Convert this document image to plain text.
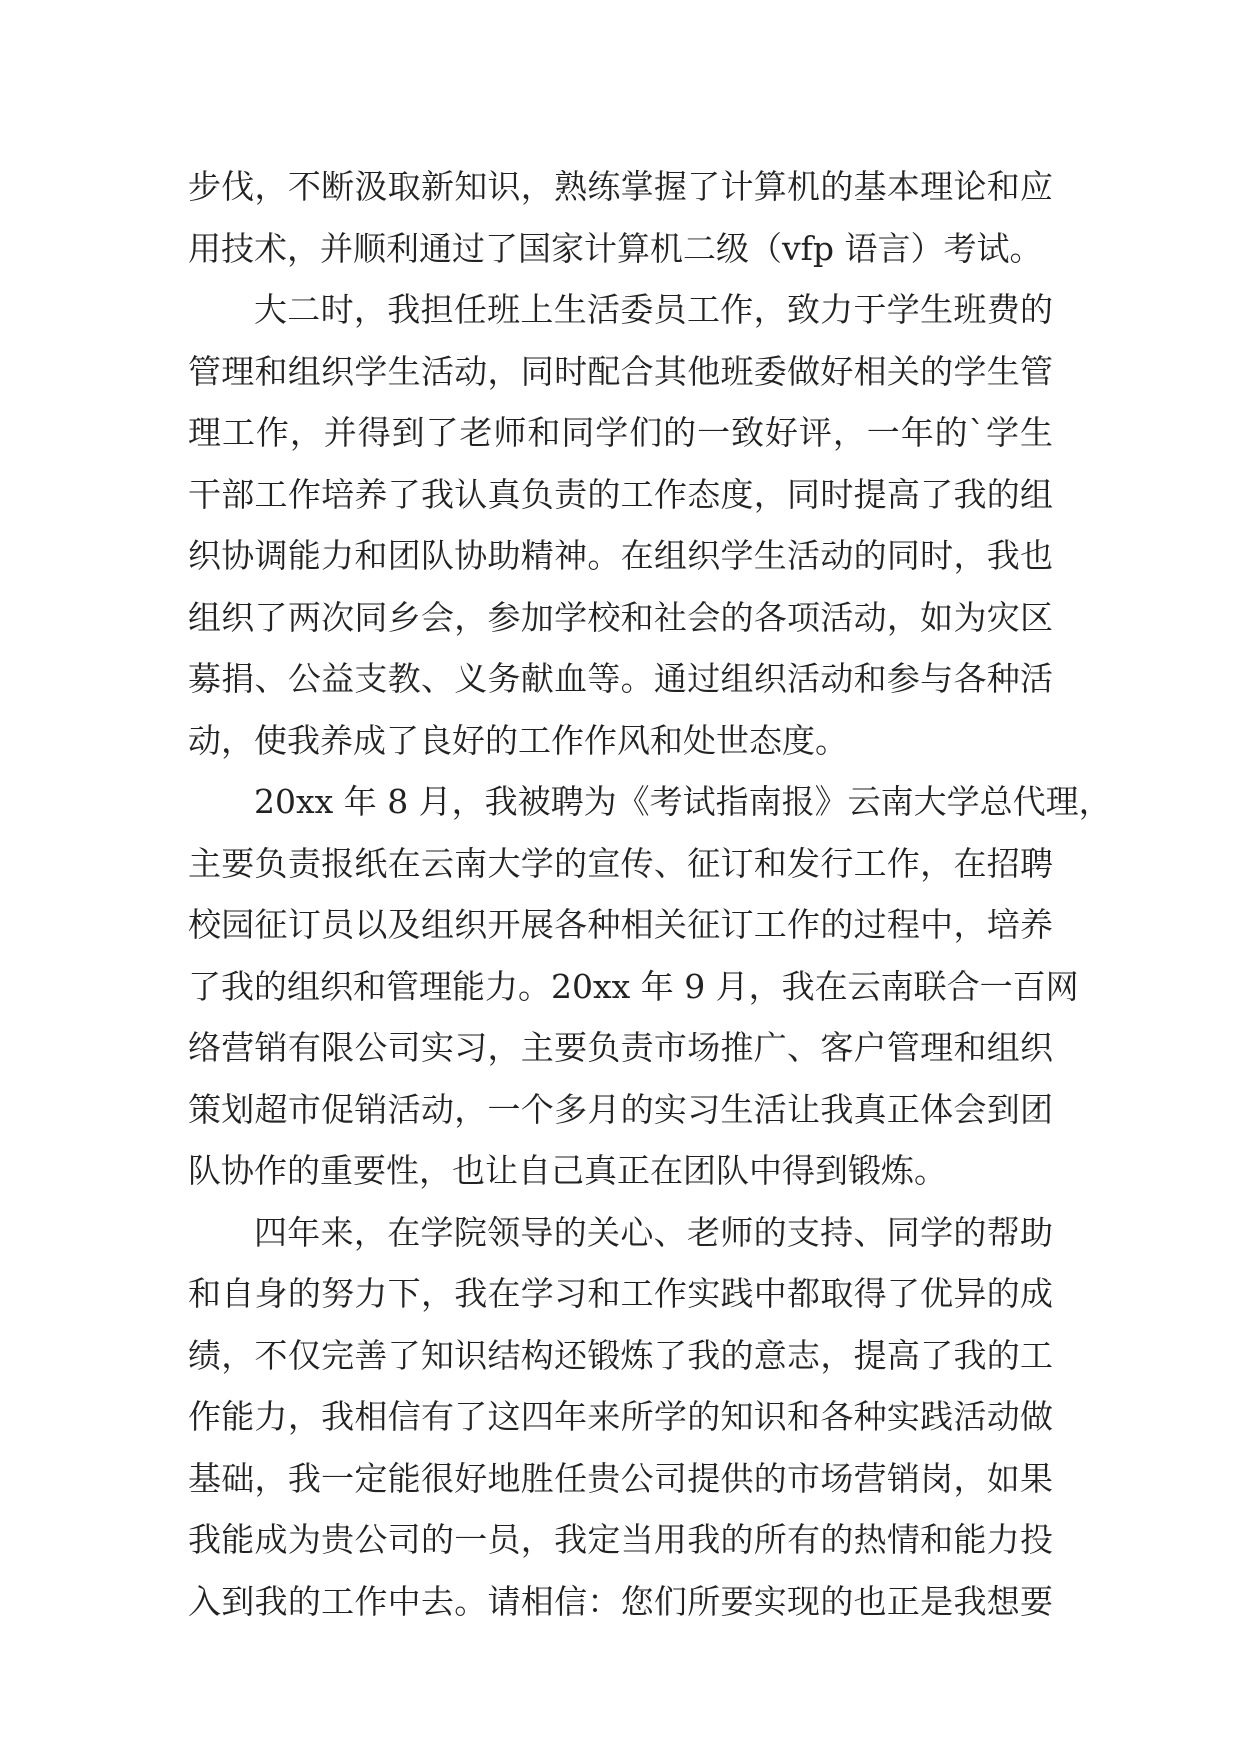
步伐，不断汲取新知识，熟练掌握了计算机的基本理论和应
用技术，并顺利通过了国家计算机二级（vfp 语言）考试。
大二时，我担任班上生活委员工作，致力于学生班费的
管理和组织学生活动，同时配合其他班委做好相关的学生管
理工作，并得到了老师和同学们的一致好评，一年的`学生
干部工作培养了我认真负责的工作态度，同时提高了我的组
织协调能力和团队协助精神。在组织学生活动的同时，我也
组织了两次同乡会，参加学校和社会的各项活动，如为灾区
募捐、公益支教、义务献血等。通过组织活动和参与各种活
动，使我养成了良好的工作作风和处世态度。
20xx 年 8 月，我被聘为《考试指南报》云南大学总代理，
主要负责报纸在云南大学的宣传、征订和发行工作，在招聘
校园征订员以及组织开展各种相关征订工作的过程中，培养
了我的组织和管理能力。20xx 年 9 月，我在云南联合一百网
络营销有限公司实习，主要负责市场推广、客户管理和组织
策划超市促销活动，一个多月的实习生活让我真正体会到团
队协作的重要性，也让自己真正在团队中得到锻炼。
四年来，在学院领导的关心、老师的支持、同学的帮助
和自身的努力下，我在学习和工作实践中都取得了优异的成
绩，不仅完善了知识结构还锻炼了我的意志，提高了我的工
作能力，我相信有了这四年来所学的知识和各种实践活动做
基础，我一定能很好地胜任贵公司提供的市场营销岗，如果
我能成为贵公司的一员，我定当用我的所有的热情和能力投
入到我的工作中去。请相信：您们所要实现的也正是我想要
